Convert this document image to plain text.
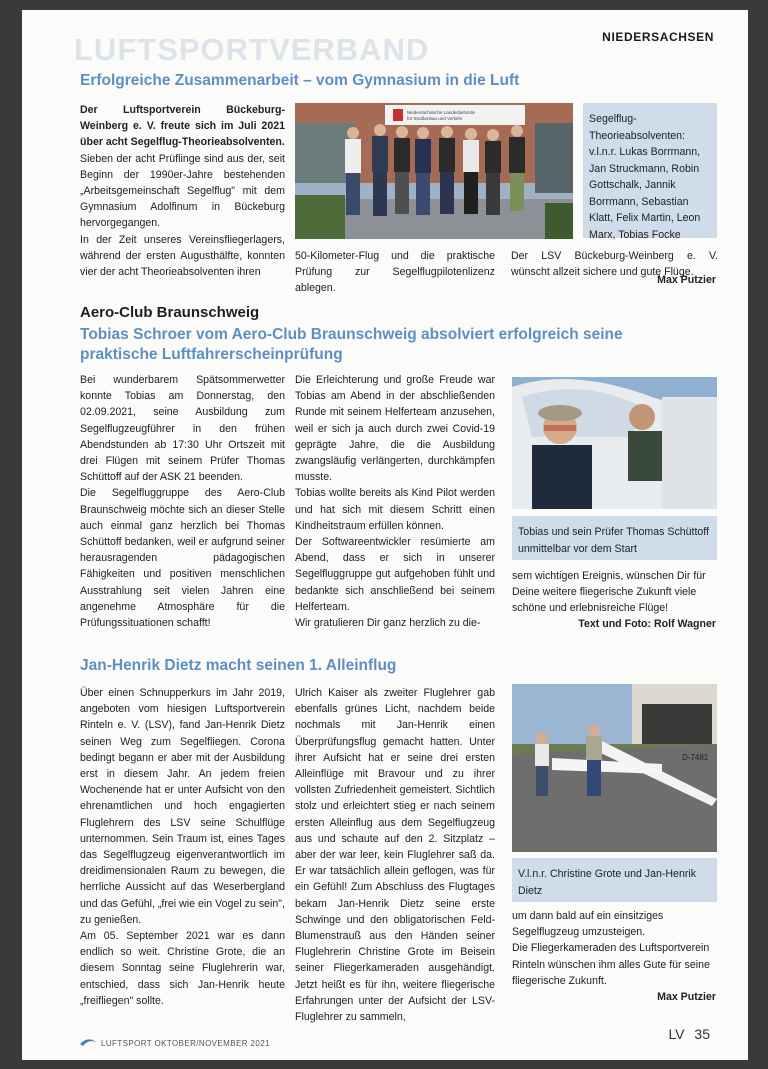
LUFTSPORTVERBAND	NIEDERSACHSEN
Erfolgreiche Zusammenarbeit – vom Gymnasium in die Luft

Der Luftsportverein Bückeburg-Weinberg e. V. freute sich im Juli 2021 über acht Segelflug-Theorieabsolventen.

Sieben der acht Prüflinge sind aus der, seit Beginn der 1990er-Jahre bestehenden „Arbeitsgemeinschaft Segelflug" mit dem Gymnasium Adolfinum in Bückeburg hervorgegangen.

In der Zeit unseres Vereinsfliegerlagers, während der ersten Augusthälfte, konnten vier der acht Theorieabsolventen ihren

Niedersächsische Landesbehörde
für Straßenbau und Verkehr	Segelflug-Theorieabsolventen: v.l.n.r. Lukas Borrmann, Jan Struckmann, Robin Gottschalk, Jannik Borrmann, Sebastian Klatt, Felix Martin, Leon Marx, Tobias Focke

50-Kilometer-Flug und die praktische Prüfung zur Segelflugpilotenlizenz ablegen.

Der LSV Bückeburg-Weinberg e. V. wünscht allzeit sichere und gute Flüge.

Max Putzier
Aero-Club Braunschweig
Tobias Schroer vom Aero-Club Braunschweig absolviert erfolgreich seine praktische Luftfahrerscheinprüfung

Bei wunderbarem Spätsommerwetter konnte Tobias am Donnerstag, den 02.09.2021, seine Ausbildung zum Segelflugzeugführer in den frühen Abendstunden ab 17:30 Uhr Ortszeit mit drei Flügen mit seinem Prüfer Thomas Schüttoff auf der ASK 21 beenden.

Die Segelfluggruppe des Aero-Club Braunschweig möchte sich an dieser Stelle auch einmal ganz herzlich bei Thomas Schüttoff bedanken, weil er aufgrund seiner herausragenden pädagogischen Fähigkeiten und positiven menschlichen Ausstrahlung seit vielen Jahren eine angenehme Atmosphäre für die Prüfungssituationen schafft!

Die Erleichterung und große Freude war Tobias am Abend in der abschließenden Runde mit seinem Helferteam anzusehen, weil er sich ja auch durch zwei Covid-19 geprägte Jahre, die die Ausbildung zwangsläufig verlängerten, durchkämpfen musste.

Tobias wollte bereits als Kind Pilot werden und hat sich mit diesem Schritt einen Kindheitstraum erfüllen können.

Der Softwareentwickler resümierte am Abend, dass er sich in unserer Segelfluggruppe gut aufgehoben fühlt und bedankte sich anschließend bei seinem Helferteam.

Wir gratulieren Dir ganz herzlich zu die-

Tobias und sein Prüfer Thomas Schüttoff unmittelbar vor dem Start

sem wichtigen Ereignis, wünschen Dir für Deine weitere fliegerische Zukunft viele schöne und erlebnisreiche Flüge!

Text und Foto: Rolf Wagner
Jan-Henrik Dietz macht seinen 1. Alleinflug

Über einen Schnupperkurs im Jahr 2019, angeboten vom hiesigen Luftsportverein Rinteln e. V. (LSV), fand Jan-Henrik Dietz seinen Weg zum Segelfliegen. Corona bedingt begann er aber mit der Ausbildung erst in diesem Jahr. An jedem freien Wochenende hat er unter Aufsicht von den ehrenamtlichen und hoch engagierten Fluglehrern des LSV seine Schulflüge unternommen. Sein Traum ist, eines Tages das Segelflugzeug eigenverantwortlich im dreidimensionalen Raum zu bewegen, die herrliche Aussicht auf das Weserbergland und das Gefühl, „frei wie ein Vogel zu sein", zu genießen.

Am 05. September 2021 war es dann endlich so weit. Christine Grote, die an diesem Sonntag seine Fluglehrerin war, entschied, dass sich Jan-Henrik heute „freifliegen" sollte.

Ulrich Kaiser als zweiter Fluglehrer gab ebenfalls grünes Licht, nachdem beide nochmals mit Jan-Henrik einen Überprüfungsflug gemacht hatten. Unter ihrer Aufsicht hat er seine drei ersten Alleinflüge mit Bravour und zu ihrer vollsten Zufriedenheit gemeistert. Sichtlich stolz und erleichtert stieg er nach seinem ersten Alleinflug aus dem Segelflugzeug aus und schaute auf den 2. Sitzplatz – aber der war leer, kein Fluglehrer saß da. Er war tatsächlich allein geflogen, was für ein Gefühl! Zum Abschluss des Flugtages bekam Jan-Henrik Dietz seine erste Schwinge und den obligatorischen Feld-Blumenstrauß aus den Händen seiner Fluglehrerin Christine Grote im Beisein seiner Fliegerkameraden ausgehändigt. Jetzt heißt es für ihn, weitere fliegerische Erfahrungen unter der Aufsicht der LSV-Fluglehrer zu sammeln,

D-7481
V.l.n.r. Christine Grote und Jan-Henrik Dietz

um dann bald auf ein einsitziges Segelflugzeug umzusteigen.

Die Fliegerkameraden des Luftsportverein Rinteln wünschen ihm alles Gute für seine fliegerische Zukunft.

Max Putzier
LUFTSPORT OKTOBER/NOVEMBER 2021
LV 35
